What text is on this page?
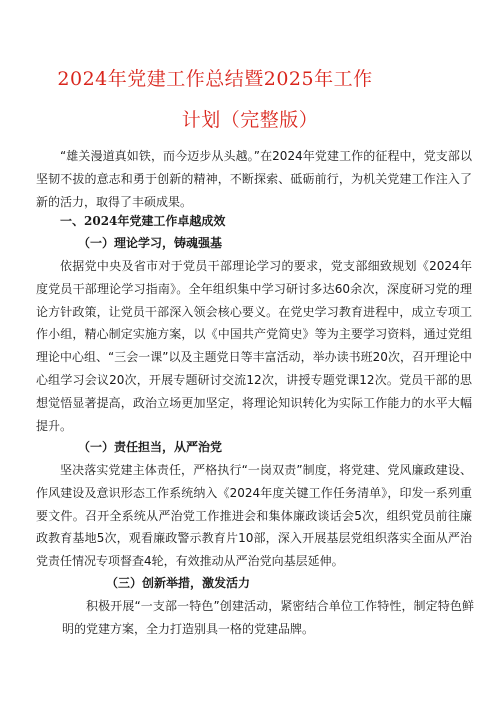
2024年党建工作总结暨2025年工作
计划（完整版）
“雄关漫道真如铁，而今迈步从头越。”在2024年党建工作的征程中，党支部以坚韧不拔的意志和勇于创新的精神，不断探索、砥砺前行，为机关党建工作注入了新的活力，取得了丰硕成果。
一、2024年党建工作卓越成效
（一）理论学习，铸魂强基
依据党中央及省市对于党员干部理论学习的要求，党支部细致规划《2024年度党员干部理论学习指南》。全年组织集中学习研讨多达60余次，深度研习党的理论方针政策，让党员干部深入领会核心要义。在党史学习教育进程中，成立专项工作小组，精心制定实施方案，以《中国共产党简史》等为主要学习资料，通过党组理论中心组、“三会一课”以及主题党日等丰富活动，举办读书班20次，召开理论中心组学习会议20次，开展专题研讨交流12次，讲授专题党课12次。党员干部的思想觉悟显著提高，政治立场更加坚定，将理论知识转化为实际工作能力的水平大幅提升。
（一）责任担当，从严治党
坚决落实党建主体责任，严格执行“一岗双责”制度，将党建、党风廉政建设、作风建设及意识形态工作系统纳入《2024年度关键工作任务清单》，印发一系列重要文件。召开全系统从严治党工作推进会和集体廉政谈话会5次，组织党员前往廉政教育基地5次，观看廉政警示教育片10部，深入开展基层党组织落实全面从严治党责任情况专项督查4轮，有效推动从严治党向基层延伸。
（三）创新举措，激发活力
积极开展“一支部一特色”创建活动，紧密结合单位工作特性，制定特色鲜明的党建方案，全力打造别具一格的党建品牌。
